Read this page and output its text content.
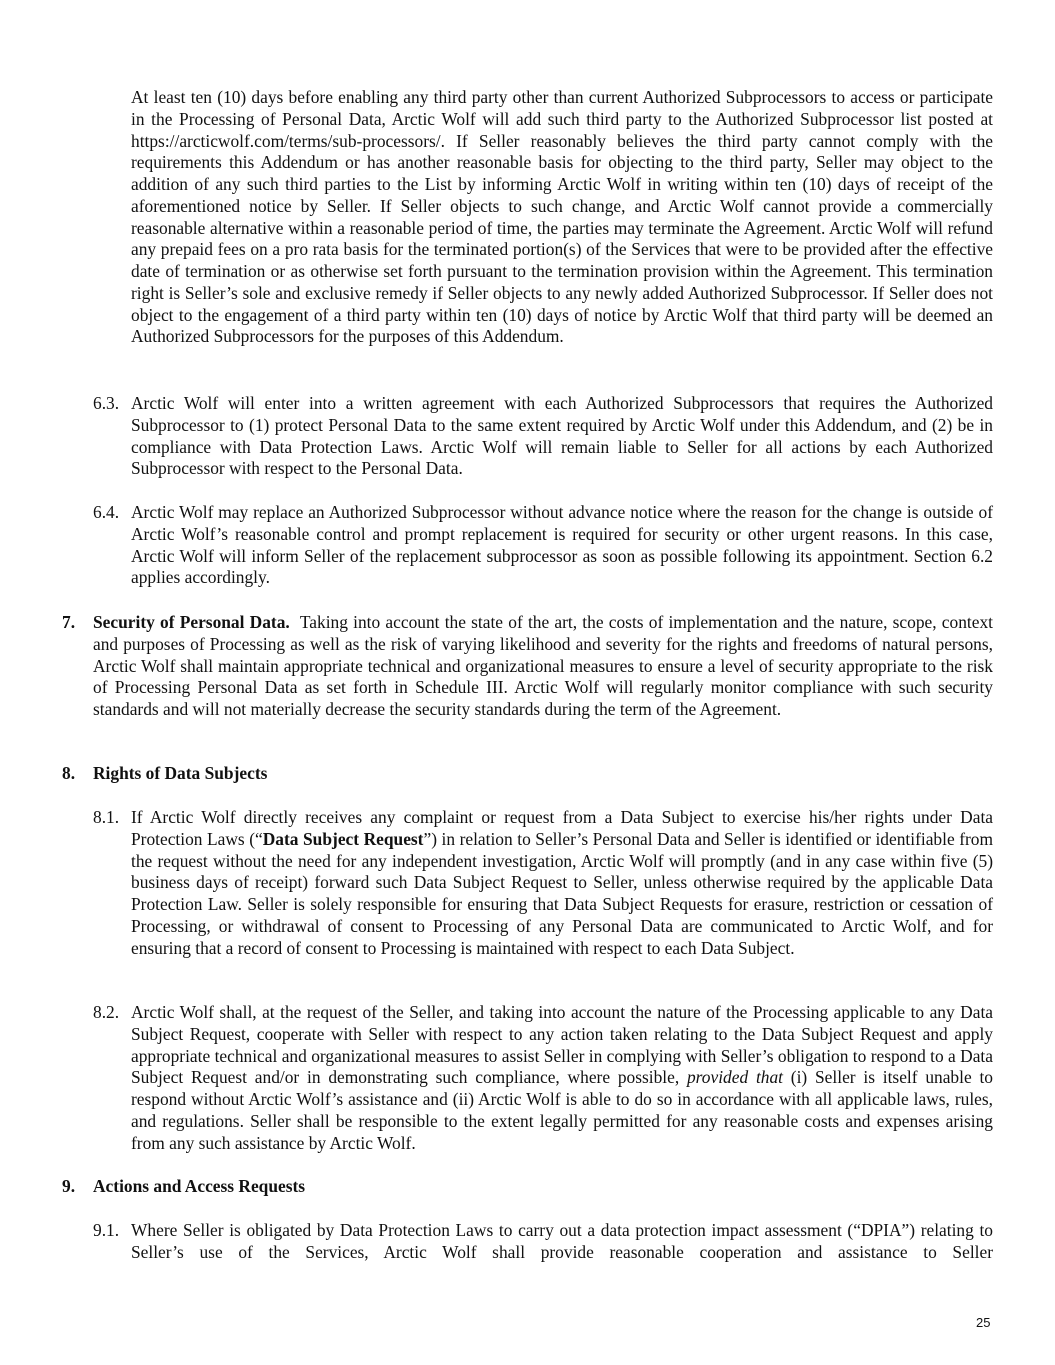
At least ten (10) days before enabling any third party other than current Authorized Subprocessors to access or participate in the Processing of Personal Data, Arctic Wolf will add such third party to the Authorized Subprocessor list posted at https://arcticwolf.com/terms/sub-processors/. If Seller reasonably believes the third party cannot comply with the requirements this Addendum or has another reasonable basis for objecting to the third party, Seller may object to the addition of any such third parties to the List by informing Arctic Wolf in writing within ten (10) days of receipt of the aforementioned notice by Seller. If Seller objects to such change, and Arctic Wolf cannot provide a commercially reasonable alternative within a reasonable period of time, the parties may terminate the Agreement. Arctic Wolf will refund any prepaid fees on a pro rata basis for the terminated portion(s) of the Services that were to be provided after the effective date of termination or as otherwise set forth pursuant to the termination provision within the Agreement. This termination right is Seller’s sole and exclusive remedy if Seller objects to any newly added Authorized Subprocessor. If Seller does not object to the engagement of a third party within ten (10) days of notice by Arctic Wolf that third party will be deemed an Authorized Subprocessors for the purposes of this Addendum.
6.3. Arctic Wolf will enter into a written agreement with each Authorized Subprocessors that requires the Authorized Subprocessor to (1) protect Personal Data to the same extent required by Arctic Wolf under this Addendum, and (2) be in compliance with Data Protection Laws. Arctic Wolf will remain liable to Seller for all actions by each Authorized Subprocessor with respect to the Personal Data.
6.4. Arctic Wolf may replace an Authorized Subprocessor without advance notice where the reason for the change is outside of Arctic Wolf’s reasonable control and prompt replacement is required for security or other urgent reasons. In this case, Arctic Wolf will inform Seller of the replacement subprocessor as soon as possible following its appointment. Section 6.2 applies accordingly.
7.	Security of Personal Data.  Taking into account the state of the art, the costs of implementation and the nature, scope, context and purposes of Processing as well as the risk of varying likelihood and severity for the rights and freedoms of natural persons, Arctic Wolf shall maintain appropriate technical and organizational measures to ensure a level of security appropriate to the risk of Processing Personal Data as set forth in Schedule III. Arctic Wolf will regularly monitor compliance with such security standards and will not materially decrease the security standards during the term of the Agreement.
8.	Rights of Data Subjects
8.1. If Arctic Wolf directly receives any complaint or request from a Data Subject to exercise his/her rights under Data Protection Laws (“Data Subject Request”) in relation to Seller’s Personal Data and Seller is identified or identifiable from the request without the need for any independent investigation, Arctic Wolf will promptly (and in any case within five (5) business days of receipt) forward such Data Subject Request to Seller, unless otherwise required by the applicable Data Protection Law. Seller is solely responsible for ensuring that Data Subject Requests for erasure, restriction or cessation of Processing, or withdrawal of consent to Processing of any Personal Data are communicated to Arctic Wolf, and for ensuring that a record of consent to Processing is maintained with respect to each Data Subject.
8.2. Arctic Wolf shall, at the request of the Seller, and taking into account the nature of the Processing applicable to any Data Subject Request, cooperate with Seller with respect to any action taken relating to the Data Subject Request and apply appropriate technical and organizational measures to assist Seller in complying with Seller’s obligation to respond to a Data Subject Request and/or in demonstrating such compliance, where possible, provided that (i) Seller is itself unable to respond without Arctic Wolf’s assistance and (ii) Arctic Wolf is able to do so in accordance with all applicable laws, rules, and regulations. Seller shall be responsible to the extent legally permitted for any reasonable costs and expenses arising from any such assistance by Arctic Wolf.
9.	Actions and Access Requests
9.1. Where Seller is obligated by Data Protection Laws to carry out a data protection impact assessment (“DPIA”) relating to Seller’s use of the Services, Arctic Wolf shall provide reasonable cooperation and assistance to Seller
25
